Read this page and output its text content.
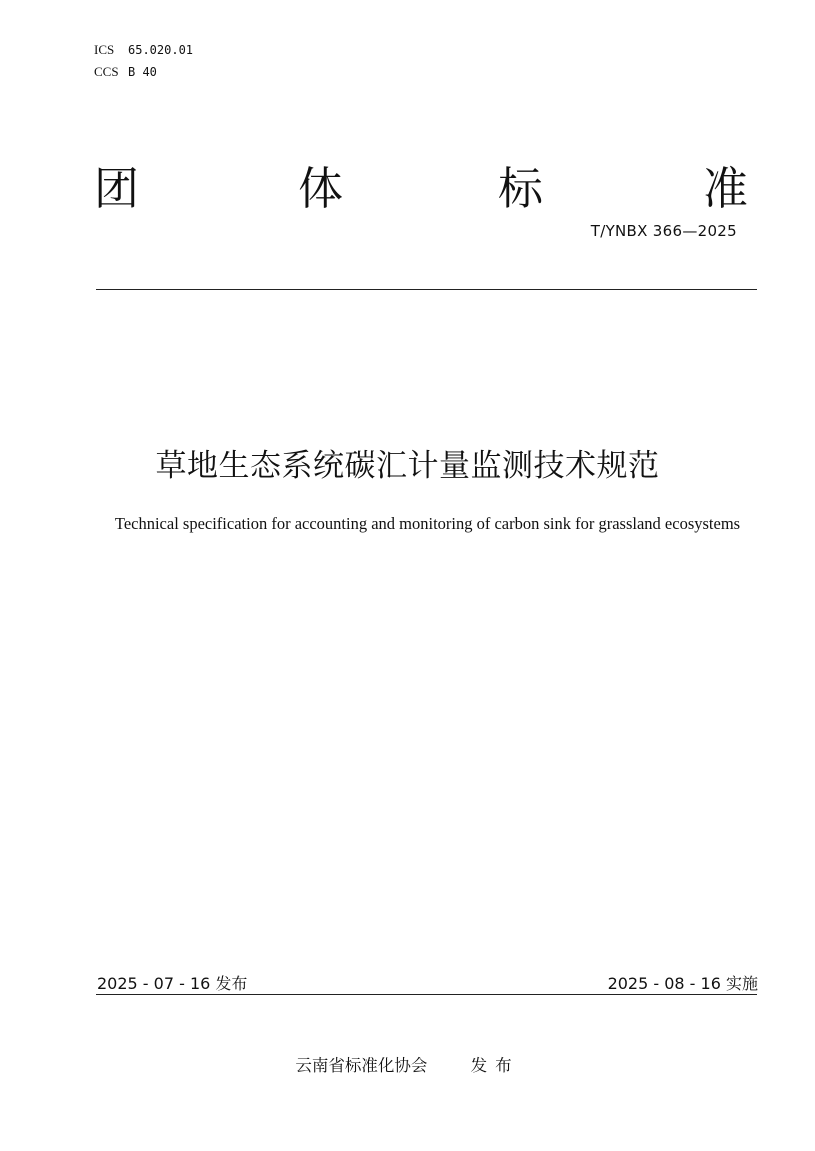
ICS	65.020.01
CCS B 40
团	体	标	准
T/YNBX 366—2025
草地生态系统碳汇计量监测技术规范
Technical specification for accounting and monitoring of carbon sink for grassland ecosystems
2025 - 07 - 16 发布	2025 - 08 - 16 实施
云南省标准化协会	发布
